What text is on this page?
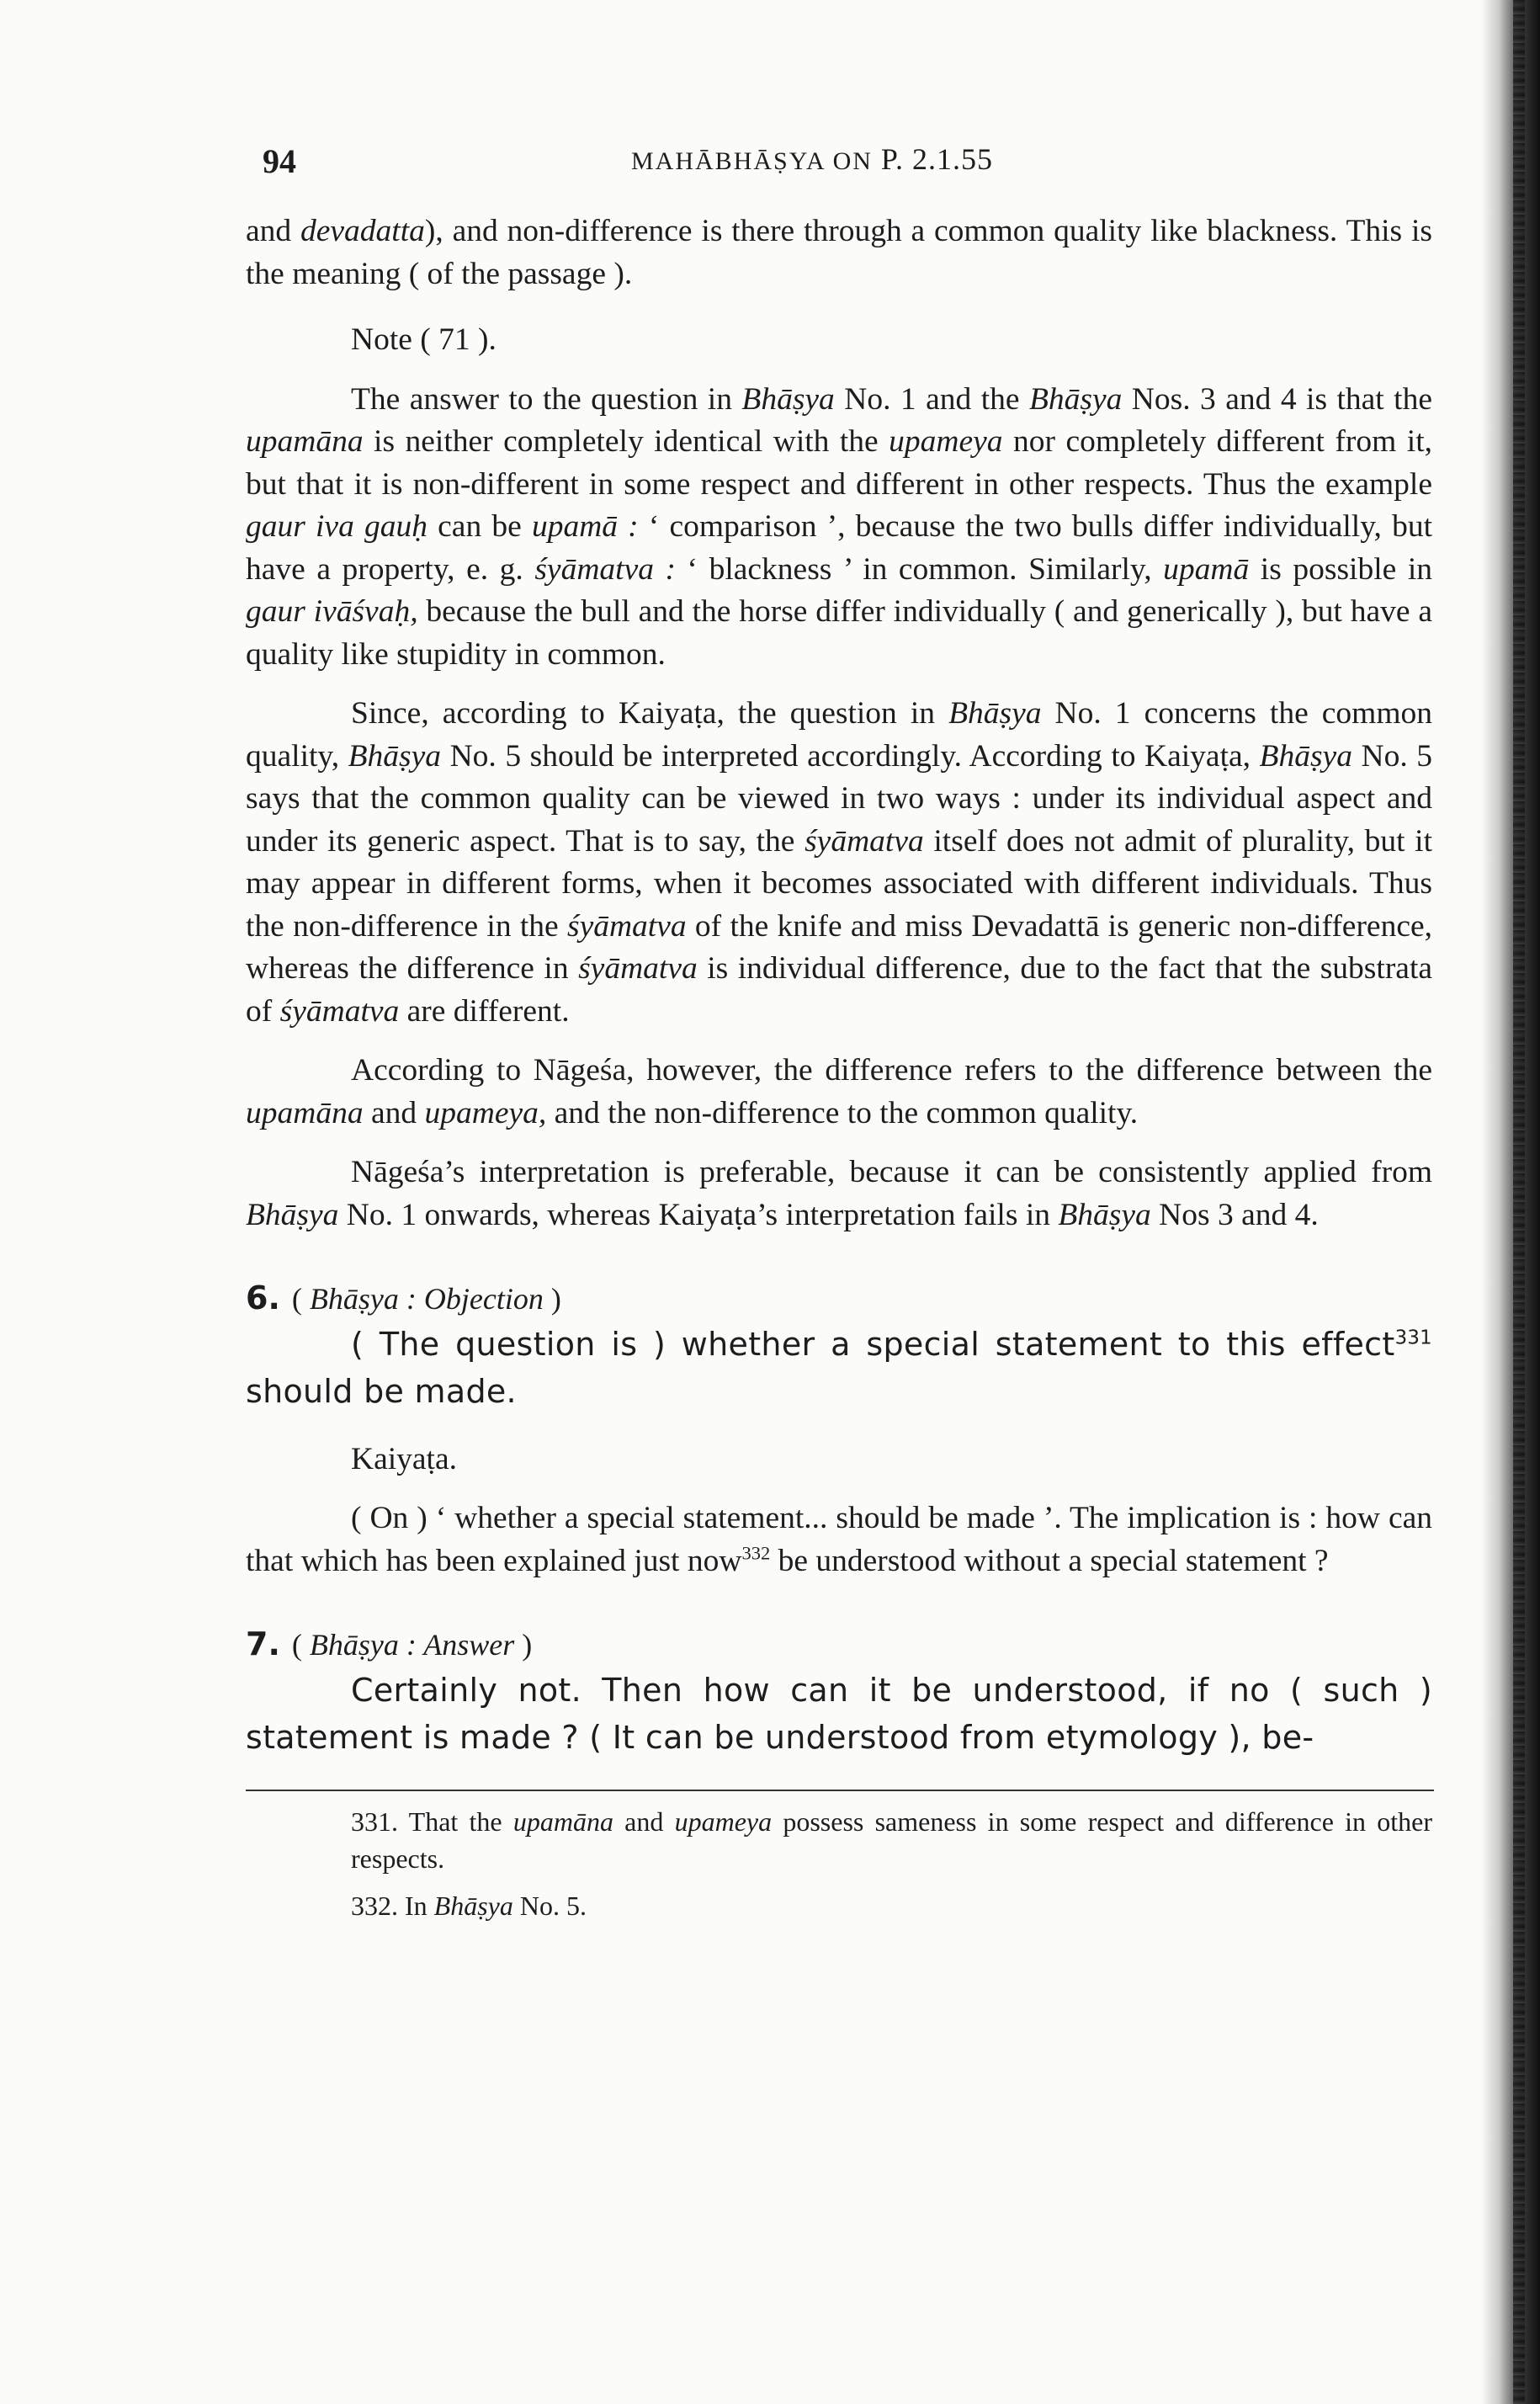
94	MAHĀBHĀṢYA ON P. 2.1.55

and devadatta), and non-difference is there through a common quality like blackness. This is the meaning ( of the passage ).

Note ( 71 ).

The answer to the question in Bhāṣya No. 1 and the Bhāṣya Nos. 3 and 4 is that the upamāna is neither completely identical with the upameya nor completely different from it, but that it is non-different in some respect and different in other respects. Thus the example gaur iva gauḥ can be upamā : ‘ comparison ’, because the two bulls differ individually, but have a property, e. g. śyāmatva : ‘ blackness ’ in common. Similarly, upamā is possible in gaur ivāśvaḥ, because the bull and the horse differ individually ( and generically ), but have a quality like stupidity in common.

Since, according to Kaiyaṭa, the question in Bhāṣya No. 1 concerns the common quality, Bhāṣya No. 5 should be interpreted accordingly. According to Kaiyaṭa, Bhāṣya No. 5 says that the common quality can be viewed in two ways : under its individual aspect and under its generic aspect. That is to say, the śyāmatva itself does not admit of plurality, but it may appear in different forms, when it becomes associated with different individuals. Thus the non-difference in the śyāmatva of the knife and miss Devadattā is generic non-difference, whereas the difference in śyāmatva is individual difference, due to the fact that the substrata of śyāmatva are different.

According to Nāgeśa, however, the difference refers to the difference between the upamāna and upameya, and the non-difference to the common quality.

Nāgeśa’s interpretation is preferable, because it can be consistently applied from Bhāṣya No. 1 onwards, whereas Kaiyaṭa’s interpretation fails in Bhāṣya Nos 3 and 4.

6. ( Bhāṣya : Objection )

( The question is ) whether a special statement to this effect$^{331}$ should be made.

Kaiyaṭa.

( On ) ‘ whether a special statement... should be made ’. The implication is : how can that which has been explained just now$^{332}$ be understood without a special statement ?

7. ( Bhāṣya : Answer )

Certainly not. Then how can it be understood, if no ( such ) statement is made ? ( It can be understood from etymology ), be-

331. That the upamāna and upameya possess sameness in some respect and difference in other respects.

332. In Bhāṣya No. 5.
